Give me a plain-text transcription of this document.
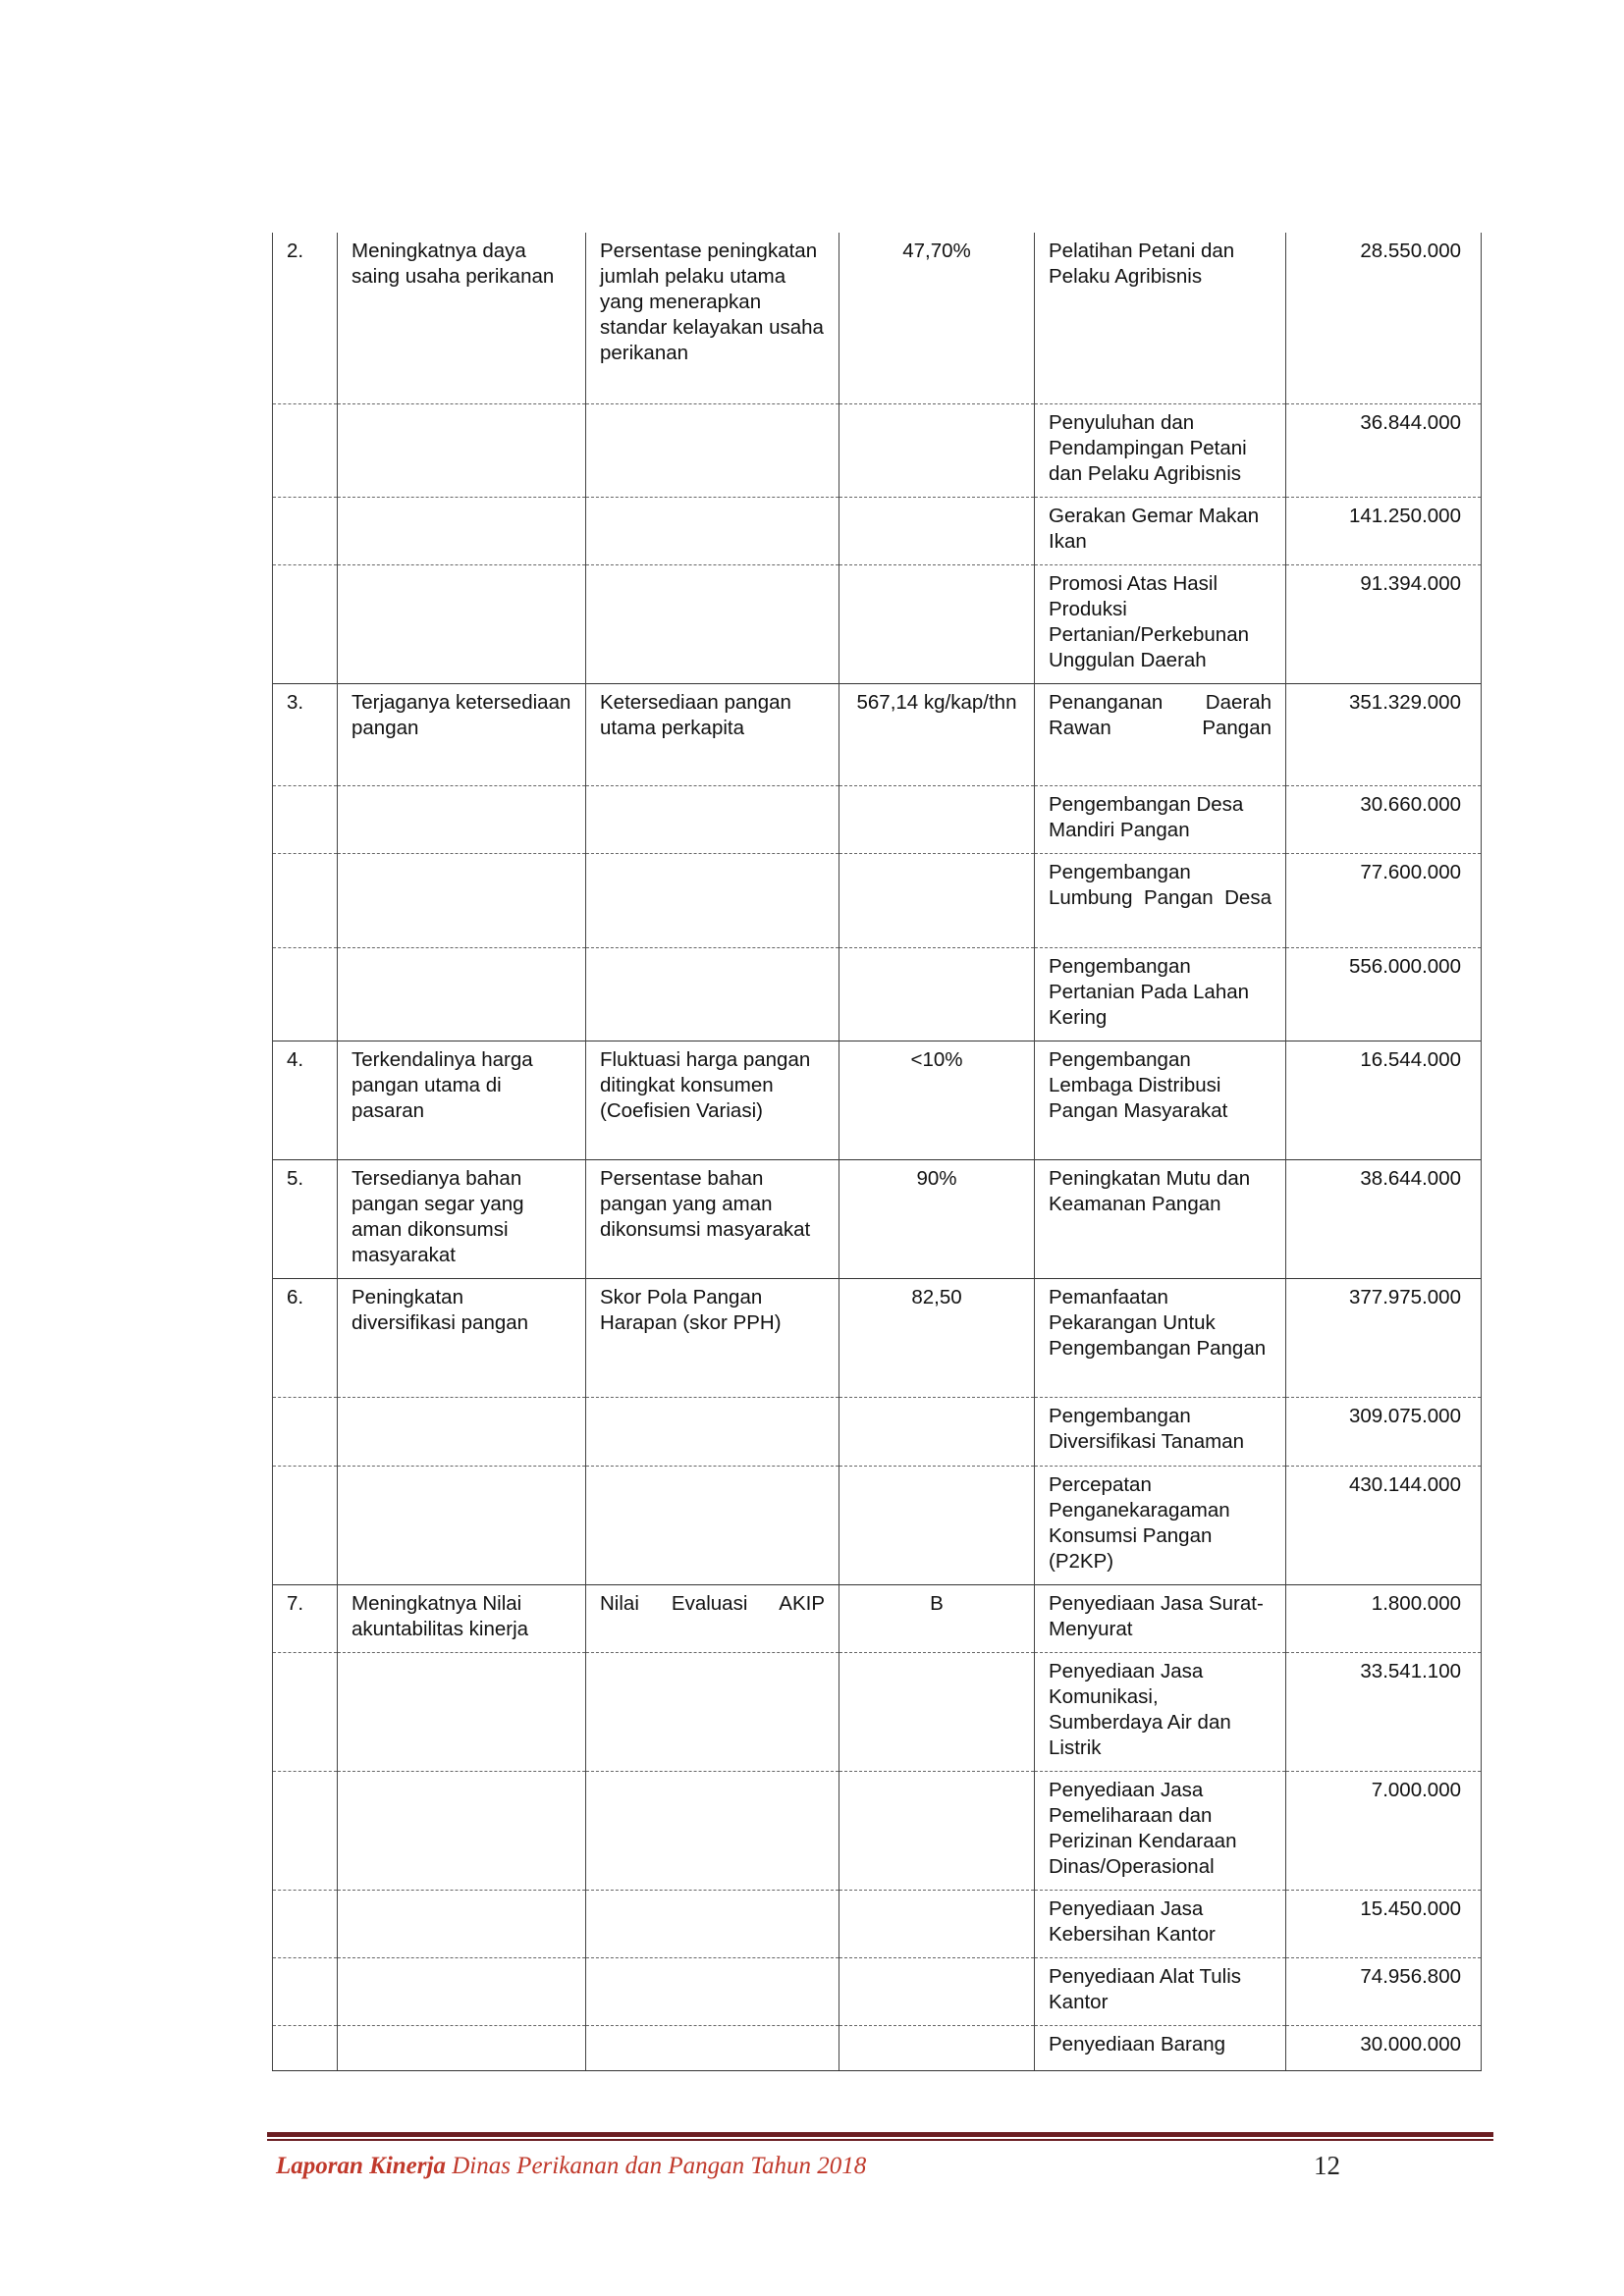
2.	Meningkatnya daya saing usaha perikanan	Persentase peningkatan jumlah pelaku utama yang menerapkan standar kelayakan usaha perikanan	47,70%	Pelatihan Petani dan Pelaku Agribisnis	28.550.000
				Penyuluhan dan Pendampingan Petani dan Pelaku Agribisnis	36.844.000
				Gerakan Gemar Makan Ikan	141.250.000
				Promosi Atas Hasil Produksi Pertanian/Perkebunan Unggulan Daerah	91.394.000
3.	Terjaganya ketersediaan pangan	Ketersediaan pangan utama perkapita	567,14 kg/kap/thn	Penanganan Daerah Rawan Pangan	351.329.000
				Pengembangan Desa Mandiri Pangan	30.660.000
				Pengembangan Lumbung Pangan Desa	77.600.000
				Pengembangan Pertanian Pada Lahan Kering	556.000.000
4.	Terkendalinya harga pangan utama di pasaran	Fluktuasi harga pangan ditingkat konsumen (Coefisien Variasi)	<10%	Pengembangan Lembaga Distribusi Pangan Masyarakat	16.544.000
5.	Tersedianya bahan pangan segar yang aman dikonsumsi masyarakat	Persentase bahan pangan yang aman dikonsumsi masyarakat	90%	Peningkatan Mutu dan Keamanan Pangan	38.644.000
6.	Peningkatan diversifikasi pangan	Skor Pola Pangan Harapan (skor PPH)	82,50	Pemanfaatan Pekarangan Untuk Pengembangan Pangan	377.975.000
				Pengembangan Diversifikasi Tanaman	309.075.000
				Percepatan Penganekaragaman Konsumsi Pangan (P2KP)	430.144.000
7.	Meningkatnya Nilai akuntabilitas kinerja	Nilai Evaluasi AKIP	B	Penyediaan Jasa Surat-Menyurat	1.800.000
				Penyediaan Jasa Komunikasi, Sumberdaya Air dan Listrik	33.541.100
				Penyediaan Jasa Pemeliharaan dan Perizinan Kendaraan Dinas/Operasional	7.000.000
				Penyediaan Jasa Kebersihan Kantor	15.450.000
				Penyediaan Alat Tulis Kantor	74.956.800
				Penyediaan Barang	30.000.000
Laporan Kinerja Dinas Perikanan dan Pangan Tahun 2018	12
